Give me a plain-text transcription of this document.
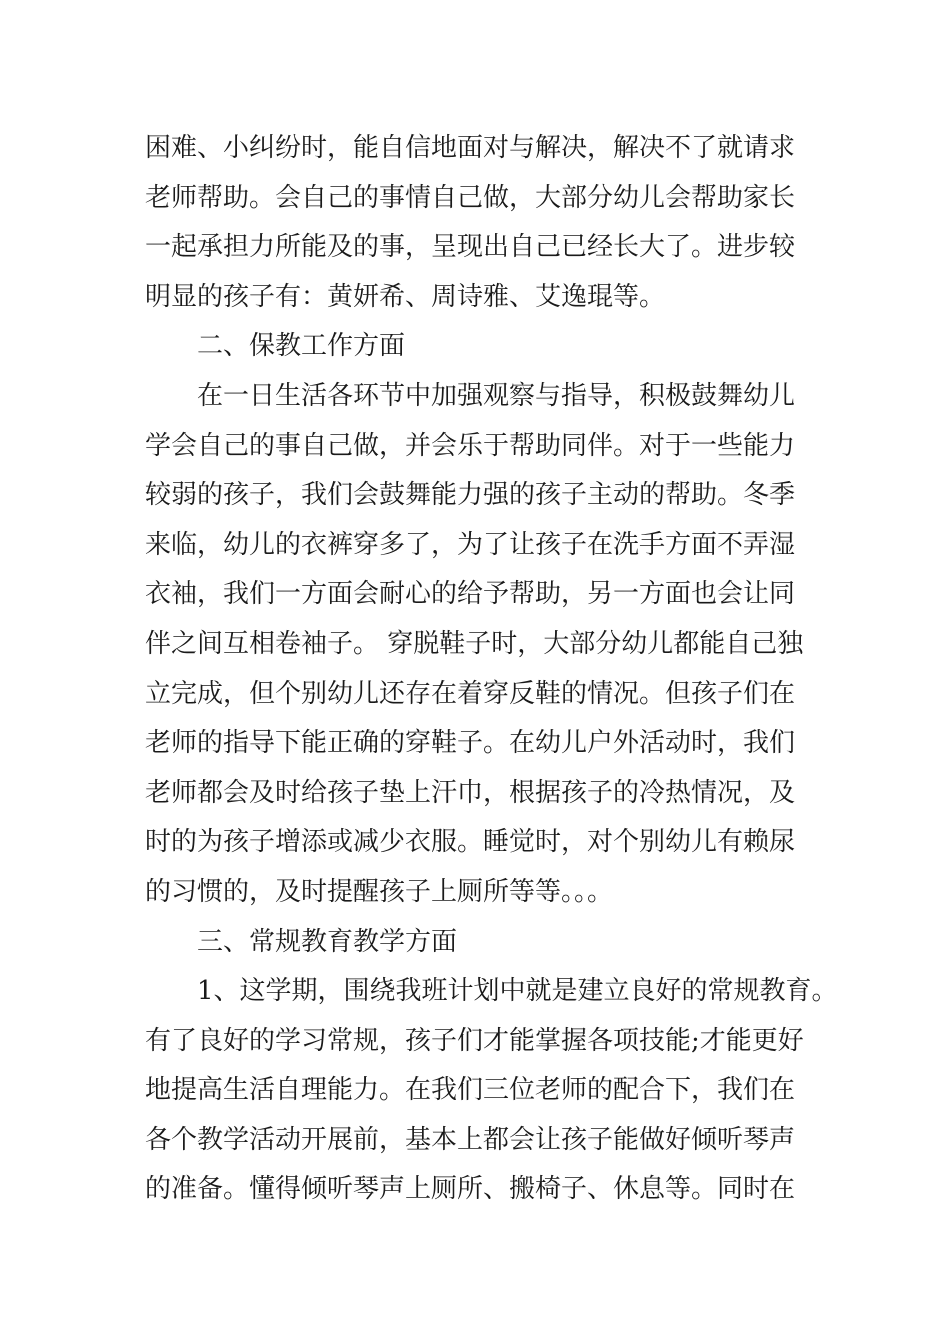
困难、小纠纷时，能自信地面对与解决，解决不了就请求
老师帮助。会自己的事情自己做，大部分幼儿会帮助家长
一起承担力所能及的事，呈现出自己已经长大了。进步较
明显的孩子有：黄妍希、周诗雅、艾逸琨等。
二、保教工作方面
在一日生活各环节中加强观察与指导，积极鼓舞幼儿
学会自己的事自己做，并会乐于帮助同伴。对于一些能力
较弱的孩子，我们会鼓舞能力强的孩子主动的帮助。冬季
来临，幼儿的衣裤穿多了，为了让孩子在洗手方面不弄湿
衣袖，我们一方面会耐心的给予帮助，另一方面也会让同
伴之间互相卷袖子。 穿脱鞋子时，大部分幼儿都能自己独
立完成，但个别幼儿还存在着穿反鞋的情况。但孩子们在
老师的指导下能正确的穿鞋子。在幼儿户外活动时，我们
老师都会及时给孩子垫上汗巾，根据孩子的冷热情况，及
时的为孩子增添或减少衣服。睡觉时，对个别幼儿有赖尿
的习惯的，及时提醒孩子上厕所等等。。。
三、常规教育教学方面
1、这学期，围绕我班计划中就是建立良好的常规教育。
有了良好的学习常规，孩子们才能掌握各项技能;才能更好
地提高生活自理能力。在我们三位老师的配合下，我们在
各个教学活动开展前，基本上都会让孩子能做好倾听琴声
的准备。懂得倾听琴声上厕所、搬椅子、休息等。同时在
